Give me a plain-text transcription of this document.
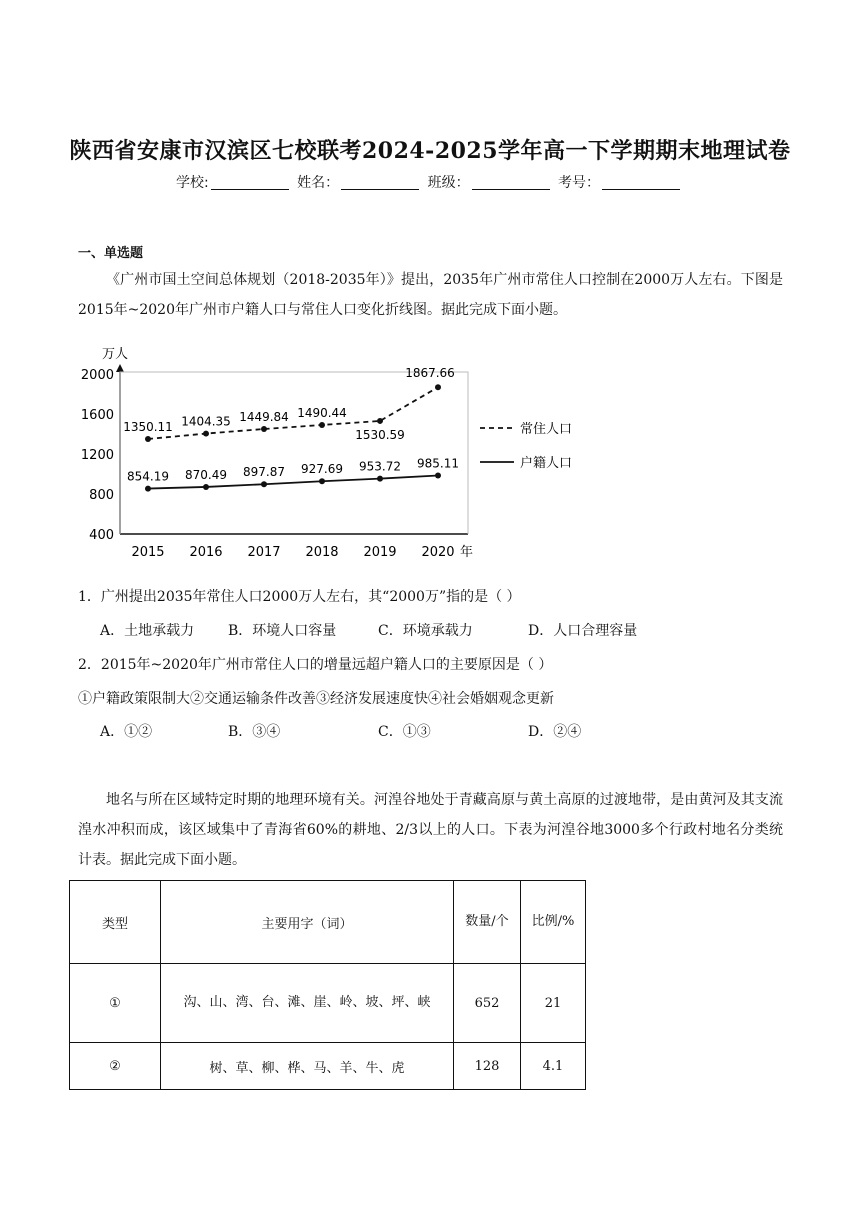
陕西省安康市汉滨区七校联考2024-2025学年高一下学期期末地理试卷
学校:	姓名：	班级：	考号：
一、单选题
《广州市国土空间总体规划（2018-2035年）》提出，2035年广州市常住人口控制在2000万人左右。下图是2015年~2020年广州市户籍人口与常住人口变化折线图。据此完成下面小题。
万人
400
800
1200
1600
2000
2015 2016 2017 2018 2019 2020 年
1350.11 1404.35 1449.84 1490.44
1530.59
1867.66
常住人口
854.19 870.49 897.87 927.69 953.72 985.11	户籍人口
1．广州提出2035年常住人口2000万人左右，其“2000万”指的是（ ）
A．土地承载力 B．环境人口容量	C．环境承载力	D．人口合理容量
2．2015年~2020年广州市常住人口的增量远超户籍人口的主要原因是（ ）
①户籍政策限制大②交通运输条件改善③经济发展速度快④社会婚姻观念更新
A．①②	B．③④	C．①③	D．②④
地名与所在区域特定时期的地理环境有关。河湟谷地处于青藏高原与黄土高原的过渡地带，是由黄河及其支流湟水冲积而成，该区域集中了青海省60%的耕地、2/3以上的人口。下表为河湟谷地3000多个行政村地名分类统计表。据此完成下面小题。
类型	主要用字（词）	数量/个	比例/%
①	沟、山、湾、台、滩、崖、岭、坡、坪、峡	652	21
②	树、草、柳、桦、马、羊、牛、虎	128	4.1
